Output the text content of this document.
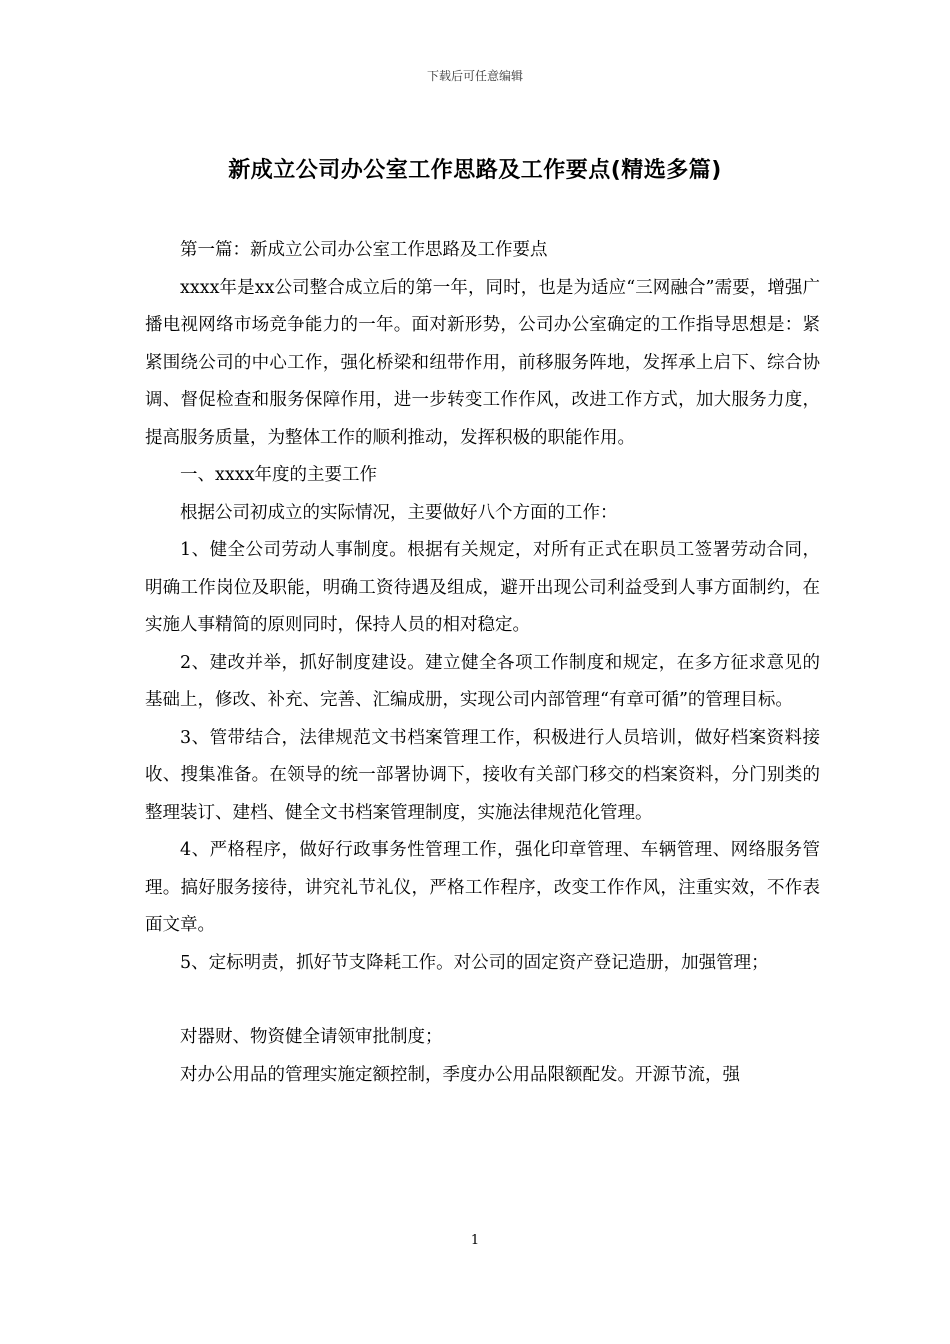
下载后可任意编辑
新成立公司办公室工作思路及工作要点(精选多篇)

第一篇：新成立公司办公室工作思路及工作要点

xxxx年是xx公司整合成立后的第一年，同时，也是为适应“三网融合”需要，增强广播电视网络市场竞争能力的一年。面对新形势，公司办公室确定的工作指导思想是：紧紧围绕公司的中心工作，强化桥梁和纽带作用，前移服务阵地，发挥承上启下、综合协调、督促检查和服务保障作用，进一步转变工作作风，改进工作方式，加大服务力度，提高服务质量，为整体工作的顺利推动，发挥积极的职能作用。

一、xxxx年度的主要工作

根据公司初成立的实际情况，主要做好八个方面的工作：

1、健全公司劳动人事制度。根据有关规定，对所有正式在职员工签署劳动合同，明确工作岗位及职能，明确工资待遇及组成，避开出现公司利益受到人事方面制约，在实施人事精简的原则同时，保持人员的相对稳定。

2、建改并举，抓好制度建设。建立健全各项工作制度和规定，在多方征求意见的基础上，修改、补充、完善、汇编成册，实现公司内部管理“有章可循”的管理目标。

3、管带结合，法律规范文书档案管理工作，积极进行人员培训，做好档案资料接收、搜集准备。在领导的统一部署协调下，接收有关部门移交的档案资料，分门别类的整理装订、建档、健全文书档案管理制度，实施法律规范化管理。

4、严格程序，做好行政事务性管理工作，强化印章管理、车辆管理、网络服务管理。搞好服务接待，讲究礼节礼仪，严格工作程序，改变工作作风，注重实效，不作表面文章。

5、定标明责，抓好节支降耗工作。对公司的固定资产登记造册，加强管理；

对器财、物资健全请领审批制度；

对办公用品的管理实施定额控制，季度办公用品限额配发。开源节流，强

1
